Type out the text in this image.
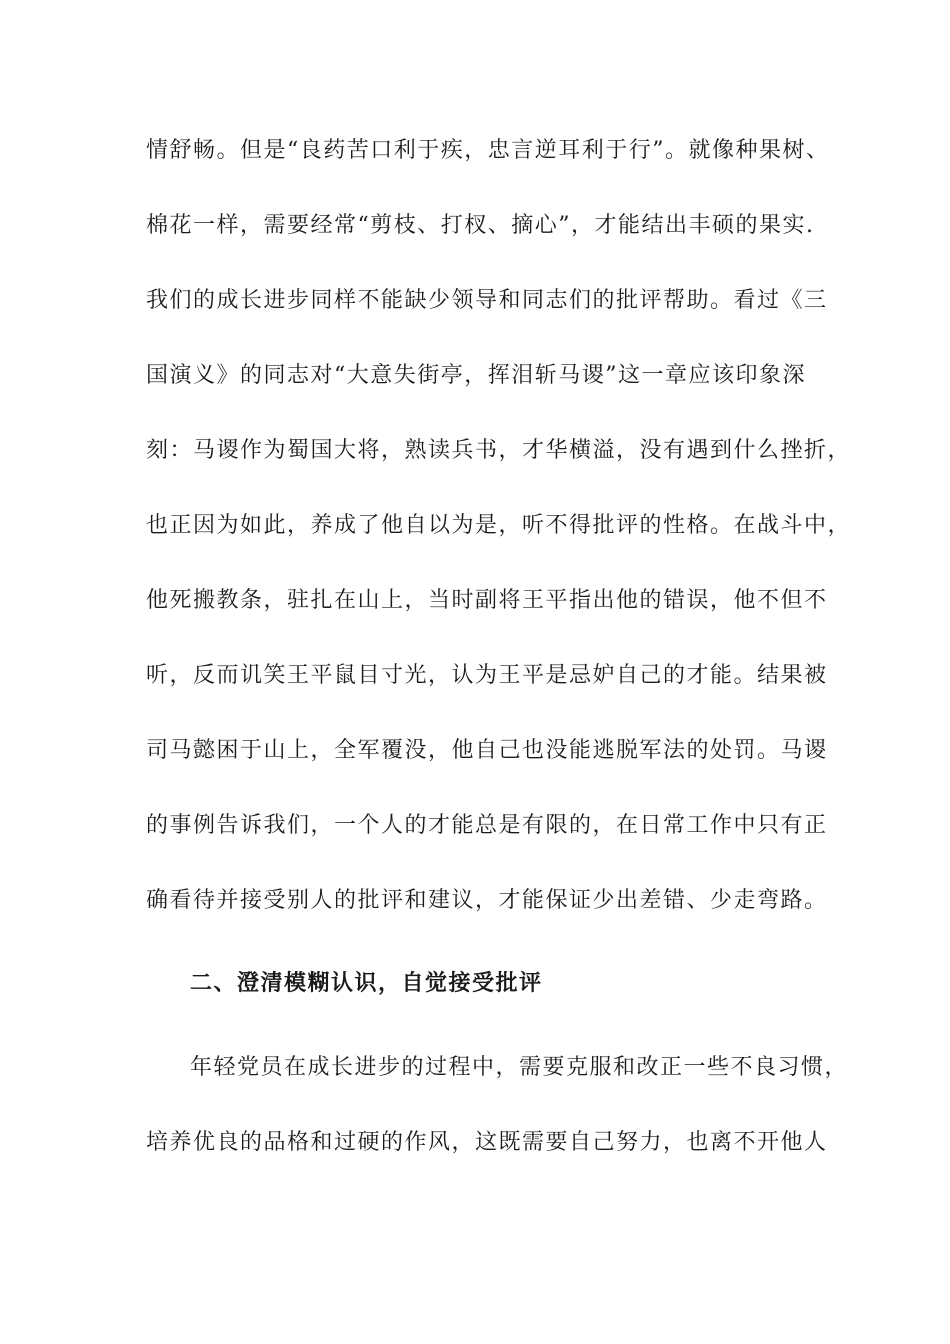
情舒畅。但是“良药苦口利于疾，忠言逆耳利于行”。就像种果树、
棉花一样，需要经常“剪枝、打杈、摘心”，才能结出丰硕的果实.
我们的成长进步同样不能缺少领导和同志们的批评帮助。看过《三
国演义》的同志对“大意失街亭，挥泪斩马谡”这一章应该印象深
刻：马谡作为蜀国大将，熟读兵书，才华横溢，没有遇到什么挫折，
也正因为如此，养成了他自以为是，听不得批评的性格。在战斗中，
他死搬教条，驻扎在山上，当时副将王平指出他的错误，他不但不
听，反而讥笑王平鼠目寸光，认为王平是忌妒自己的才能。结果被
司马懿困于山上，全军覆没，他自己也没能逃脱军法的处罚。马谡
的事例告诉我们，一个人的才能总是有限的，在日常工作中只有正
确看待并接受别人的批评和建议，才能保证少出差错、少走弯路。
二、澄清模糊认识，自觉接受批评
年轻党员在成长进步的过程中，需要克服和改正一些不良习惯，
培养优良的品格和过硬的作风，这既需要自己努力，也离不开他人
